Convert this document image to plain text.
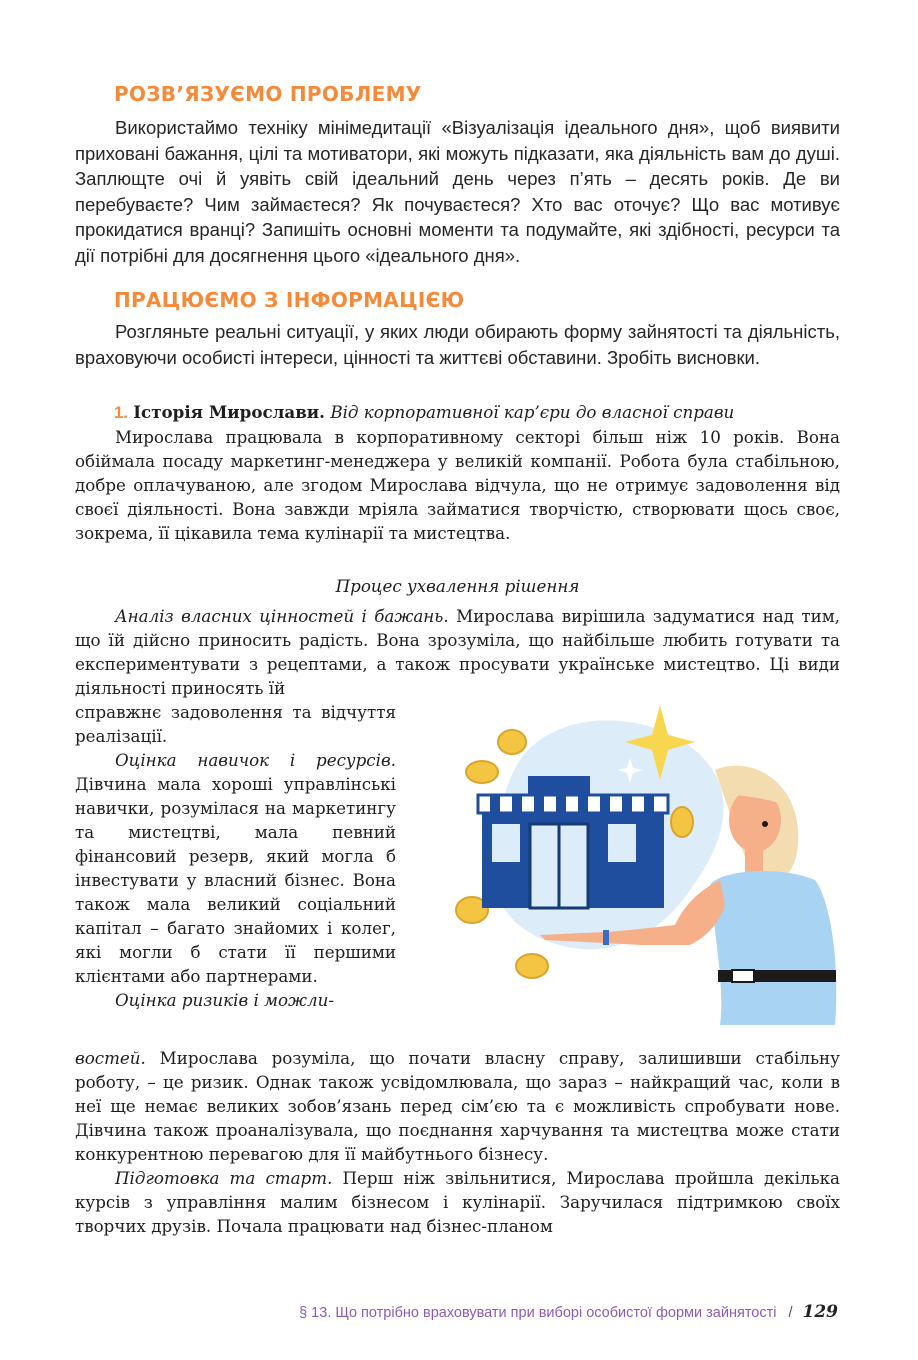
РОЗВ’ЯЗУЄМО ПРОБЛЕМУ

Використаймо техніку мінімедитації «Візуалізація ідеального дня», щоб виявити приховані бажання, цілі та мотиватори, які можуть підказати, яка діяльність вам до душі. Заплющте очі й уявіть свій ідеальний день через п’ять – десять років. Де ви перебуваєте? Чим займаєтеся? Як почуваєтеся? Хто вас оточує? Що вас мотивує прокидатися вранці? Запишіть основні моменти та подумайте, які здібності, ресурси та дії потрібні для досягнення цього «ідеального дня».

ПРАЦЮЄМО З ІНФОРМАЦІЄЮ

Розгляньте реальні ситуації, у яких люди обирають форму зайнятості та діяльність, враховуючи особисті інтереси, цінності та життєві обставини. Зробіть висновки.

1. Історія Мирослави. Від корпоративної кар’єри до власної справи

Мирослава працювала в корпоративному секторі більш ніж 10 років. Вона обіймала посаду маркетинг-менеджера у великій компанії. Робота була стабільною, добре оплачуваною, але згодом Мирослава відчула, що не отримує задоволення від своєї діяльності. Вона завжди мріяла займатися творчістю, створювати щось своє, зокрема, її цікавила тема кулінарії та мистецтва.

Процес ухвалення рішення

Аналіз власних цінностей і бажань. Мирослава вирішила задуматися над тим, що їй дійсно приносить радість. Вона зрозуміла, що найбільше любить готувати та експериментувати з рецептами, а також просувати українське мистецтво. Ці види діяльності приносять їй

справжнє задоволення та відчуття реалізації.

Оцінка навичок і ресурсів. Дівчина мала хороші управлінські навички, розумілася на маркетингу та мистецтві, мала певний фінансовий резерв, який могла б інвестувати у власний бізнес. Вона також мала великий соціальний капітал – багато знайомих і колег, які могли б стати її першими клієнтами або партнерами.

Оцінка ризиків і можли-

востей. Мирослава розуміла, що почати власну справу, залишивши стабільну роботу, – це ризик. Однак також усвідомлювала, що зараз – найкращий час, коли в неї ще немає великих зобов’язань перед сім’єю та є можливість спробувати нове. Дівчина також проаналізувала, що поєднання харчування та мистецтва може стати конкурентною перевагою для її майбутнього бізнесу.

Підготовка та старт. Перш ніж звільнитися, Мирослава пройшла декілька курсів з управління малим бізнесом і кулінарії. Заручилася підтримкою своїх творчих друзів. Почала працювати над бізнес-планом

§ 13. Що потрібно враховувати при виборі особистої форми зайнятості / 129
